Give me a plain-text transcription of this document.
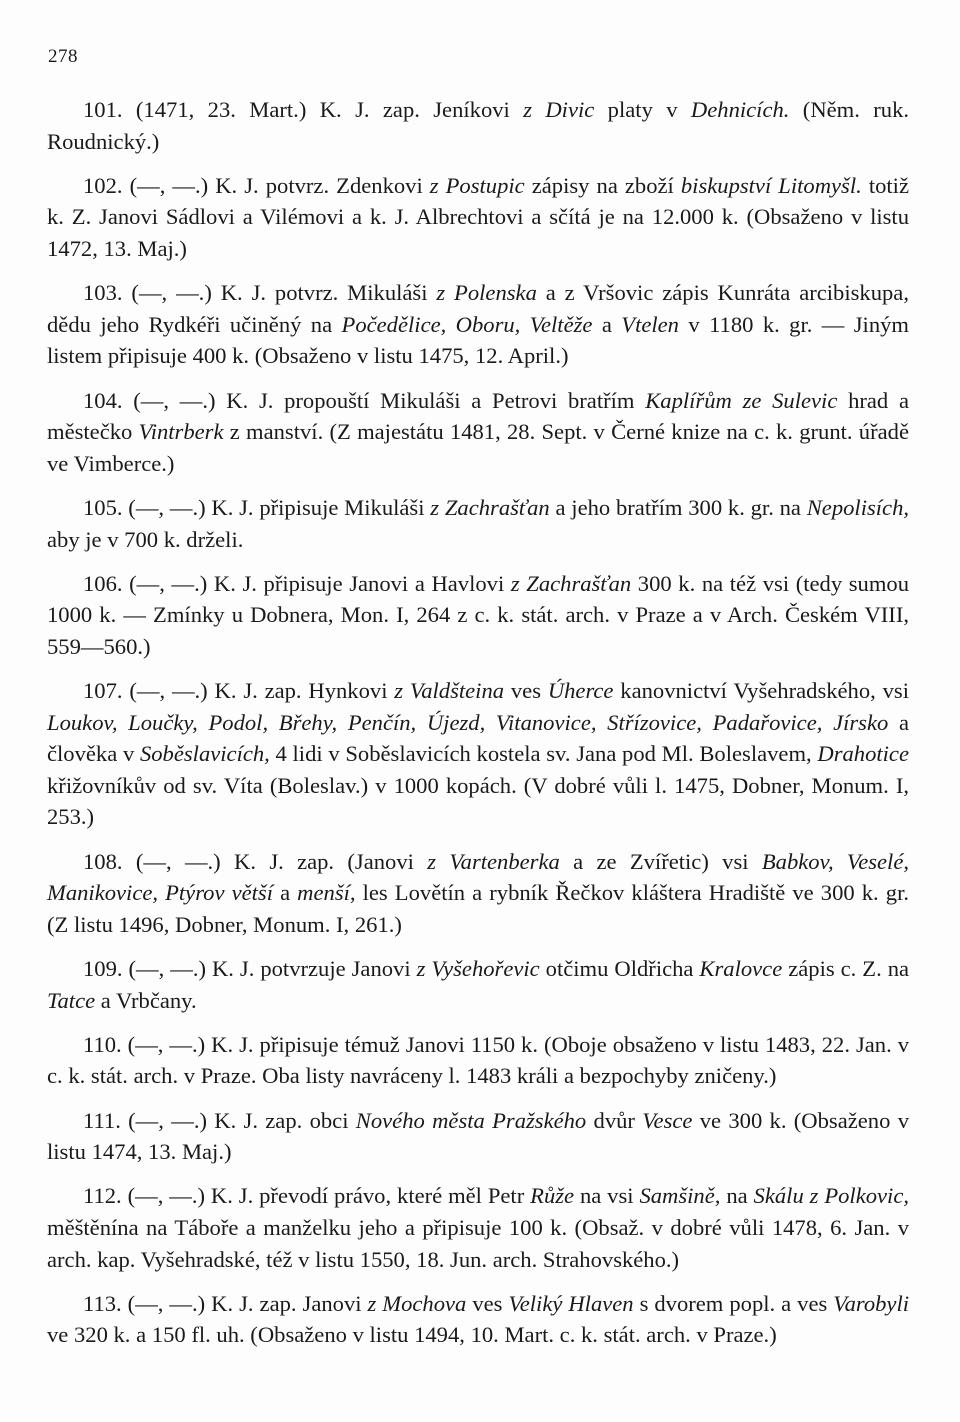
278

101. (1471, 23. Mart.) K. J. zap. Jeníkovi z Divic platy v Dehnicích. (Něm. ruk. Roudnický.)

102. (—, —.) K. J. potvrz. Zdenkovi z Postupic zápisy na zboží biskupství Litomyšl. totiž k. Z. Janovi Sádlovi a Vilémovi a k. J. Albrechtovi a sčítá je na 12.000 k. (Obsaženo v listu 1472, 13. Maj.)

103. (—, —.) K. J. potvrz. Mikuláši z Polenska a z Vršovic zápis Kunráta arcibiskupa, dědu jeho Rydkéři učiněný na Počedělice, Oboru, Veltěže a Vtelen v 1180 k. gr. — Jiným listem připisuje 400 k. (Obsaženo v listu 1475, 12. April.)

104. (—, —.) K. J. propouští Mikuláši a Petrovi bratřím Kaplířům ze Sulevic hrad a městečko Vintrberk z manství. (Z majestátu 1481, 28. Sept. v Černé knize na c. k. grunt. úřadě ve Vimberce.)

105. (—, —.) K. J. připisuje Mikuláši z Zachrašťan a jeho bratřím 300 k. gr. na Nepolisích, aby je v 700 k. drželi.

106. (—, —.) K. J. připisuje Janovi a Havlovi z Zachrašťan 300 k. na též vsi (tedy sumou 1000 k. — Zmínky u Dobnera, Mon. I, 264 z c. k. stát. arch. v Praze a v Arch. Českém VIII, 559—560.)

107. (—, —.) K. J. zap. Hynkovi z Valdšteina ves Úherce kanovnictví Vyšehradského, vsi Loukov, Loučky, Podol, Břehy, Penčín, Újezd, Vitanovice, Střízovice, Padařovice, Jírsko a člověka v Soběslavicích, 4 lidi v Soběslavicích kostela sv. Jana pod Ml. Boleslavem, Drahotice křižovníkův od sv. Víta (Boleslav.) v 1000 kopách. (V dobré vůli l. 1475, Dobner, Monum. I, 253.)

108. (—, —.) K. J. zap. (Janovi z Vartenberka a ze Zvířetic) vsi Babkov, Veselé, Manikovice, Ptýrov větší a menší, les Lovětín a rybník Řečkov kláštera Hradiště ve 300 k. gr. (Z listu 1496, Dobner, Monum. I, 261.)

109. (—, —.) K. J. potvrzuje Janovi z Vyšehořevic otčimu Oldřicha Kralovce zápis c. Z. na Tatce a Vrbčany.

110. (—, —.) K. J. připisuje témuž Janovi 1150 k. (Oboje obsaženo v listu 1483, 22. Jan. v c. k. stát. arch. v Praze. Oba listy navráceny l. 1483 králi a bezpochyby zničeny.)

111. (—, —.) K. J. zap. obci Nového města Pražského dvůr Vesce ve 300 k. (Obsaženo v listu 1474, 13. Maj.)

112. (—, —.) K. J. převodí právo, které měl Petr Růže na vsi Samšině, na Skálu z Polkovic, měštěnína na Táboře a manželku jeho a připisuje 100 k. (Obsaž. v dobré vůli 1478, 6. Jan. v arch. kap. Vyšehradské, též v listu 1550, 18. Jun. arch. Strahovského.)

113. (—, —.) K. J. zap. Janovi z Mochova ves Veliký Hlaven s dvorem popl. a ves Varobyli ve 320 k. a 150 fl. uh. (Obsaženo v listu 1494, 10. Mart. c. k. stát. arch. v Praze.)
